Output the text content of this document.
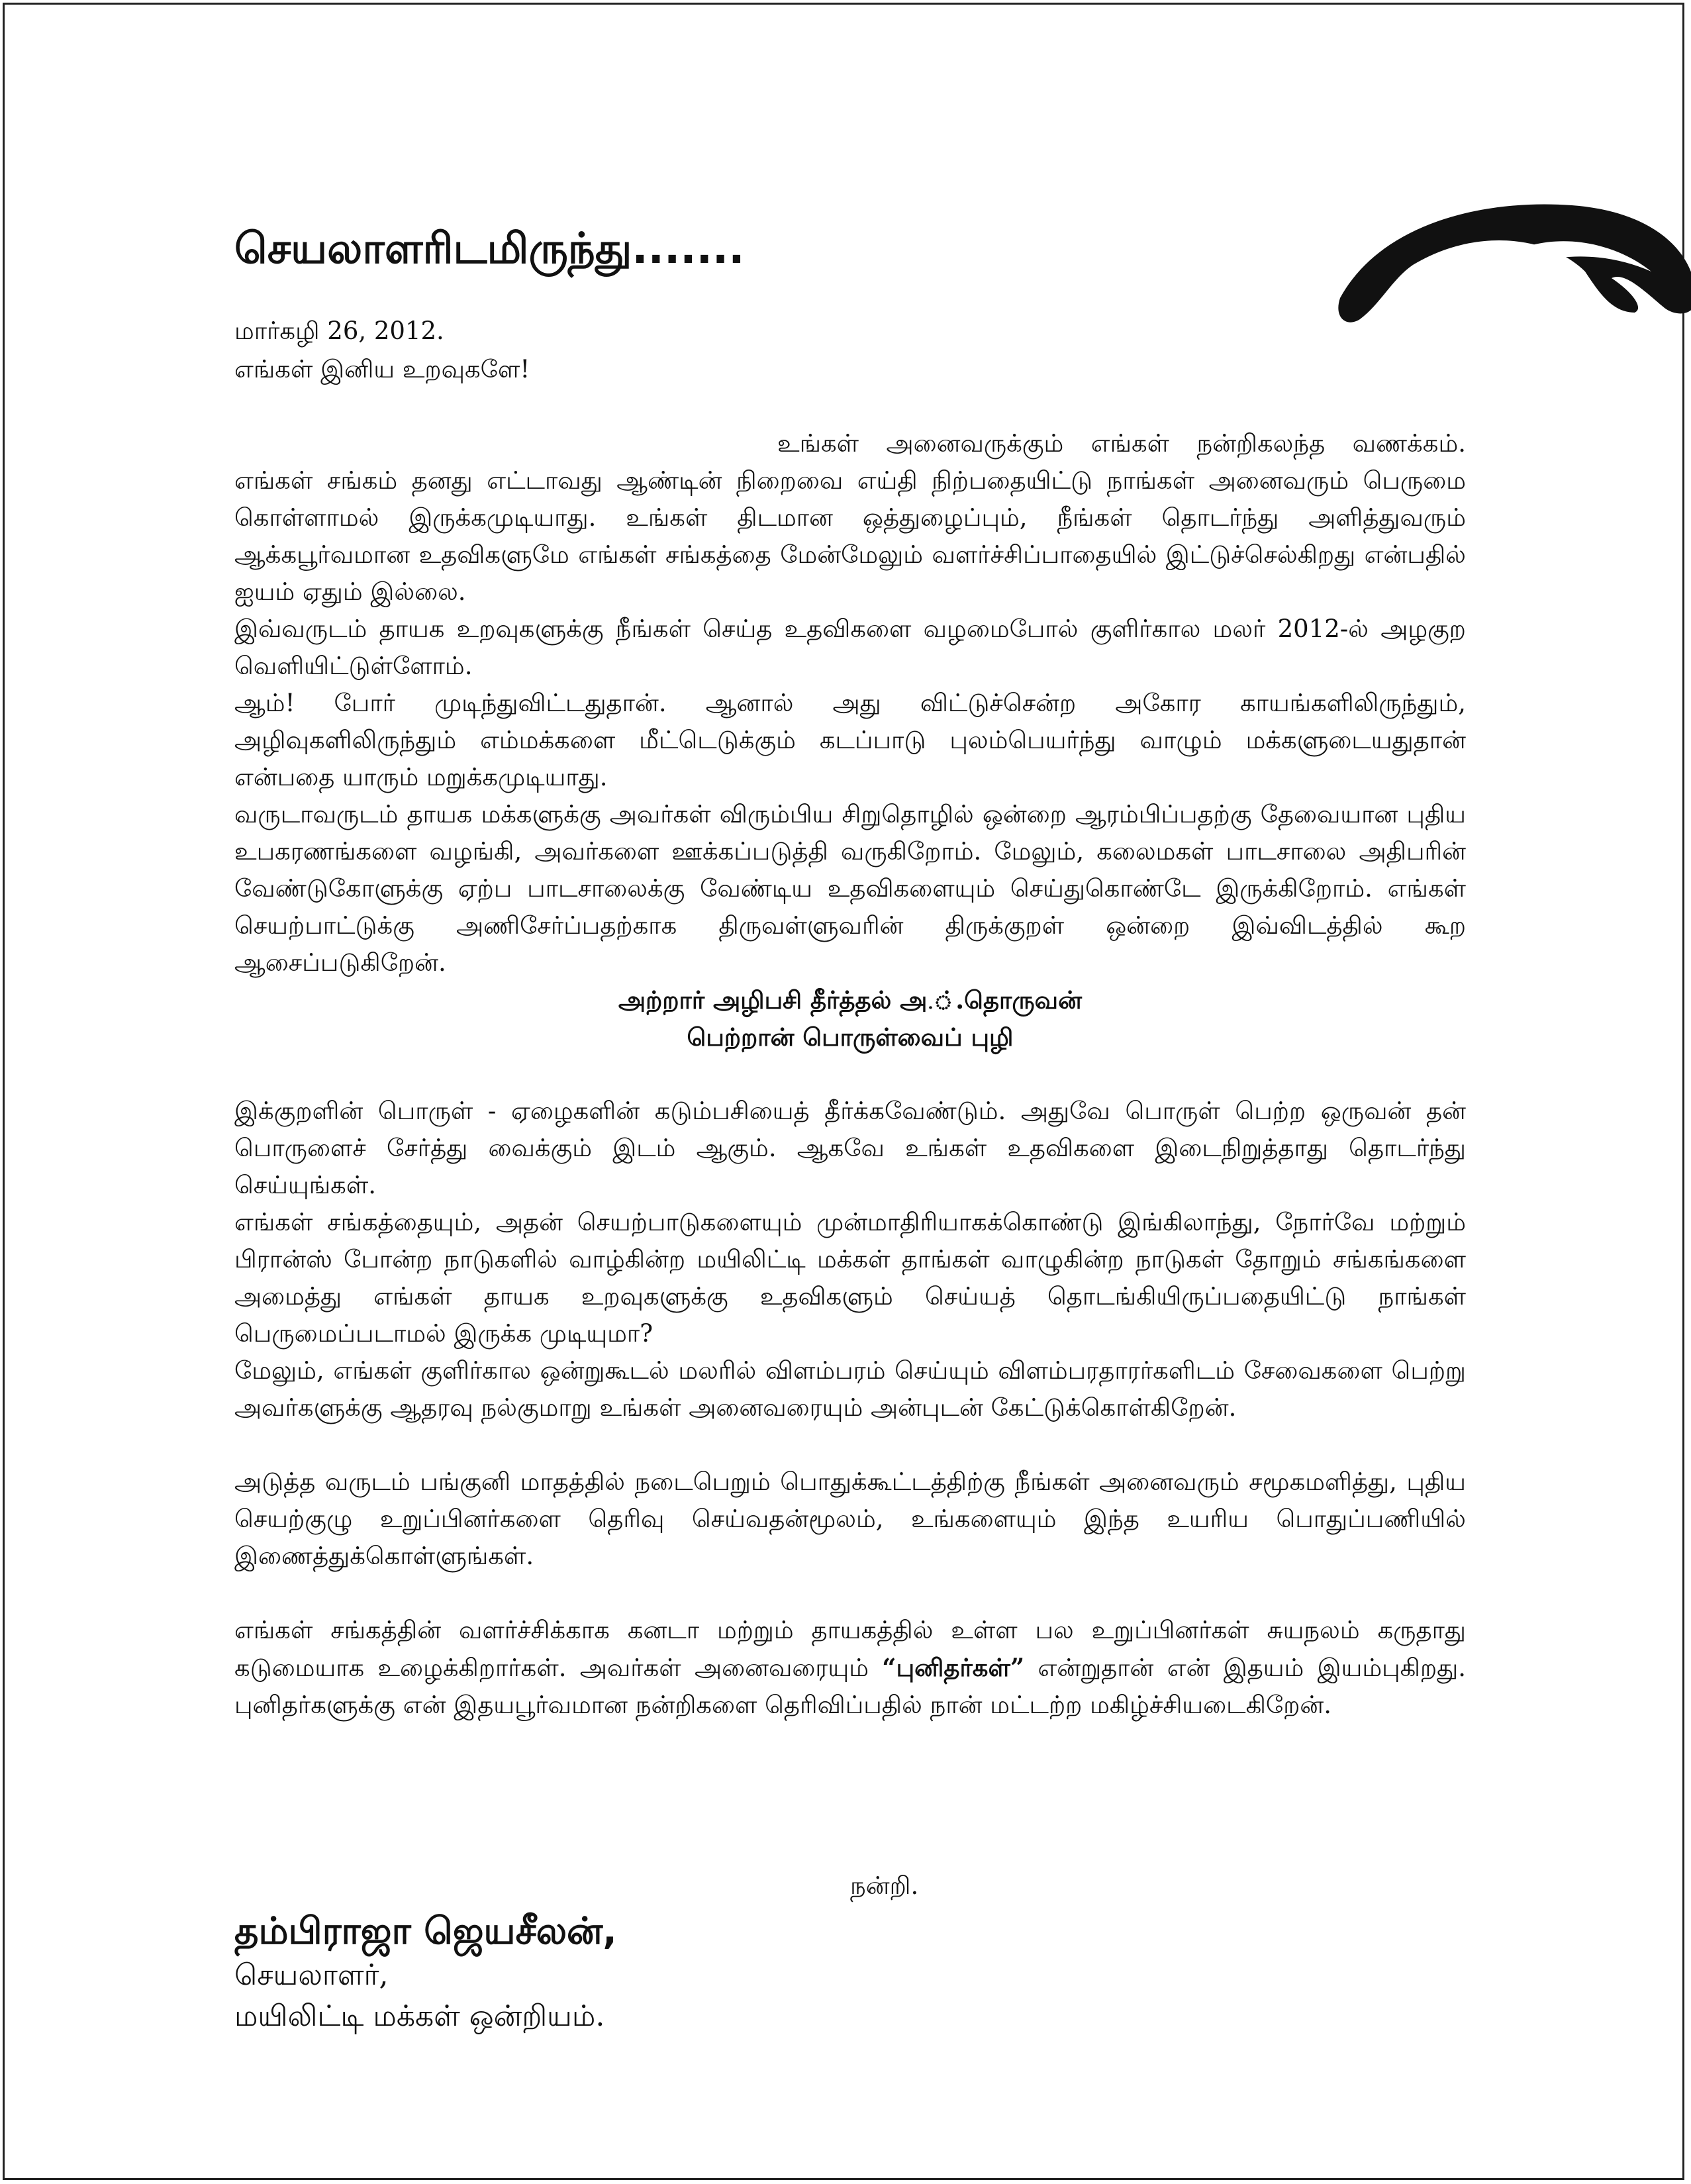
செயலாளரிடமிருந்து.......
மார்கழி 26, 2012.
எங்கள் இனிய உறவுகளே!

உங்கள் அனைவருக்கும் எங்கள் நன்றிகலந்த வணக்கம். எங்கள் சங்கம் தனது எட்டாவது ஆண்டின் நிறைவை எய்தி நிற்பதையிட்டு நாங்கள் அனைவரும் பெருமை கொள்ளாமல் இருக்கமுடியாது. உங்கள் திடமான ஒத்துழைப்பும், நீங்கள் தொடர்ந்து அளித்துவரும் ஆக்கபூர்வமான உதவிகளுமே எங்கள் சங்கத்தை மேன்மேலும் வளர்ச்சிப்பாதையில் இட்டுச்செல்கிறது என்பதில் ஐயம் ஏதும் இல்லை.

இவ்வருடம் தாயக உறவுகளுக்கு நீங்கள் செய்த உதவிகளை வழமைபோல் குளிர்கால மலர் 2012-ல் அழகுற வெளியிட்டுள்ளோம்.

ஆம்! போர் முடிந்துவிட்டதுதான். ஆனால் அது விட்டுச்சென்ற அகோர காயங்களிலிருந்தும், அழிவுகளிலிருந்தும் எம்மக்களை மீட்டெடுக்கும் கடப்பாடு புலம்பெயர்ந்து வாழும் மக்களுடையதுதான் என்பதை யாரும் மறுக்கமுடியாது.

வருடாவருடம் தாயக மக்களுக்கு அவர்கள் விரும்பிய சிறுதொழில் ஒன்றை ஆரம்பிப்பதற்கு தேவையான புதிய உபகரணங்களை வழங்கி, அவர்களை ஊக்கப்படுத்தி வருகிறோம். மேலும், கலைமகள் பாடசாலை அதிபரின் வேண்டுகோளுக்கு ஏற்ப பாடசாலைக்கு வேண்டிய உதவிகளையும் செய்துகொண்டே இருக்கிறோம். எங்கள் செயற்பாட்டுக்கு அணிசேர்ப்பதற்காக திருவள்ளுவரின் திருக்குறள் ஒன்றை இவ்விடத்தில் கூற ஆசைப்படுகிறேன்.

அற்றார் அழிபசி தீர்த்தல் அ.்.தொருவன்

பெற்றான் பொருள்வைப் புழி

இக்குறளின் பொருள் - ஏழைகளின் கடும்பசியைத் தீர்க்கவேண்டும். அதுவே பொருள் பெற்ற ஒருவன் தன் பொருளைச் சேர்த்து வைக்கும் இடம் ஆகும். ஆகவே உங்கள் உதவிகளை இடைநிறுத்தாது தொடர்ந்து செய்யுங்கள்.

எங்கள் சங்கத்தையும், அதன் செயற்பாடுகளையும் முன்மாதிரியாகக்கொண்டு இங்கிலாந்து, நோர்வே மற்றும் பிரான்ஸ் போன்ற நாடுகளில் வாழ்கின்ற மயிலிட்டி மக்கள் தாங்கள் வாழுகின்ற நாடுகள் தோறும் சங்கங்களை அமைத்து எங்கள் தாயக உறவுகளுக்கு உதவிகளும் செய்யத் தொடங்கியிருப்பதையிட்டு நாங்கள் பெருமைப்படாமல் இருக்க முடியுமா?

மேலும், எங்கள் குளிர்கால ஒன்றுகூடல் மலரில் விளம்பரம் செய்யும் விளம்பரதாரர்களிடம் சேவைகளை பெற்று அவர்களுக்கு ஆதரவு நல்குமாறு உங்கள் அனைவரையும் அன்புடன் கேட்டுக்கொள்கிறேன்.

அடுத்த வருடம் பங்குனி மாதத்தில் நடைபெறும் பொதுக்கூட்டத்திற்கு நீங்கள் அனைவரும் சமூகமளித்து, புதிய செயற்குழு உறுப்பினர்களை தெரிவு செய்வதன்மூலம், உங்களையும் இந்த உயரிய பொதுப்பணியில் இணைத்துக்கொள்ளுங்கள்.

எங்கள் சங்கத்தின் வளர்ச்சிக்காக கனடா மற்றும் தாயகத்தில் உள்ள பல உறுப்பினர்கள் சுயநலம் கருதாது கடுமையாக உழைக்கிறார்கள். அவர்கள் அனைவரையும் “புனிதர்கள்” என்றுதான் என் இதயம் இயம்புகிறது. புனிதர்களுக்கு என் இதயபூர்வமான நன்றிகளை தெரிவிப்பதில் நான் மட்டற்ற மகிழ்ச்சியடைகிறேன்.

நன்றி.
தம்பிராஜா ஜெயசீலன்,
செயலாளர்,
மயிலிட்டி மக்கள் ஒன்றியம்.
